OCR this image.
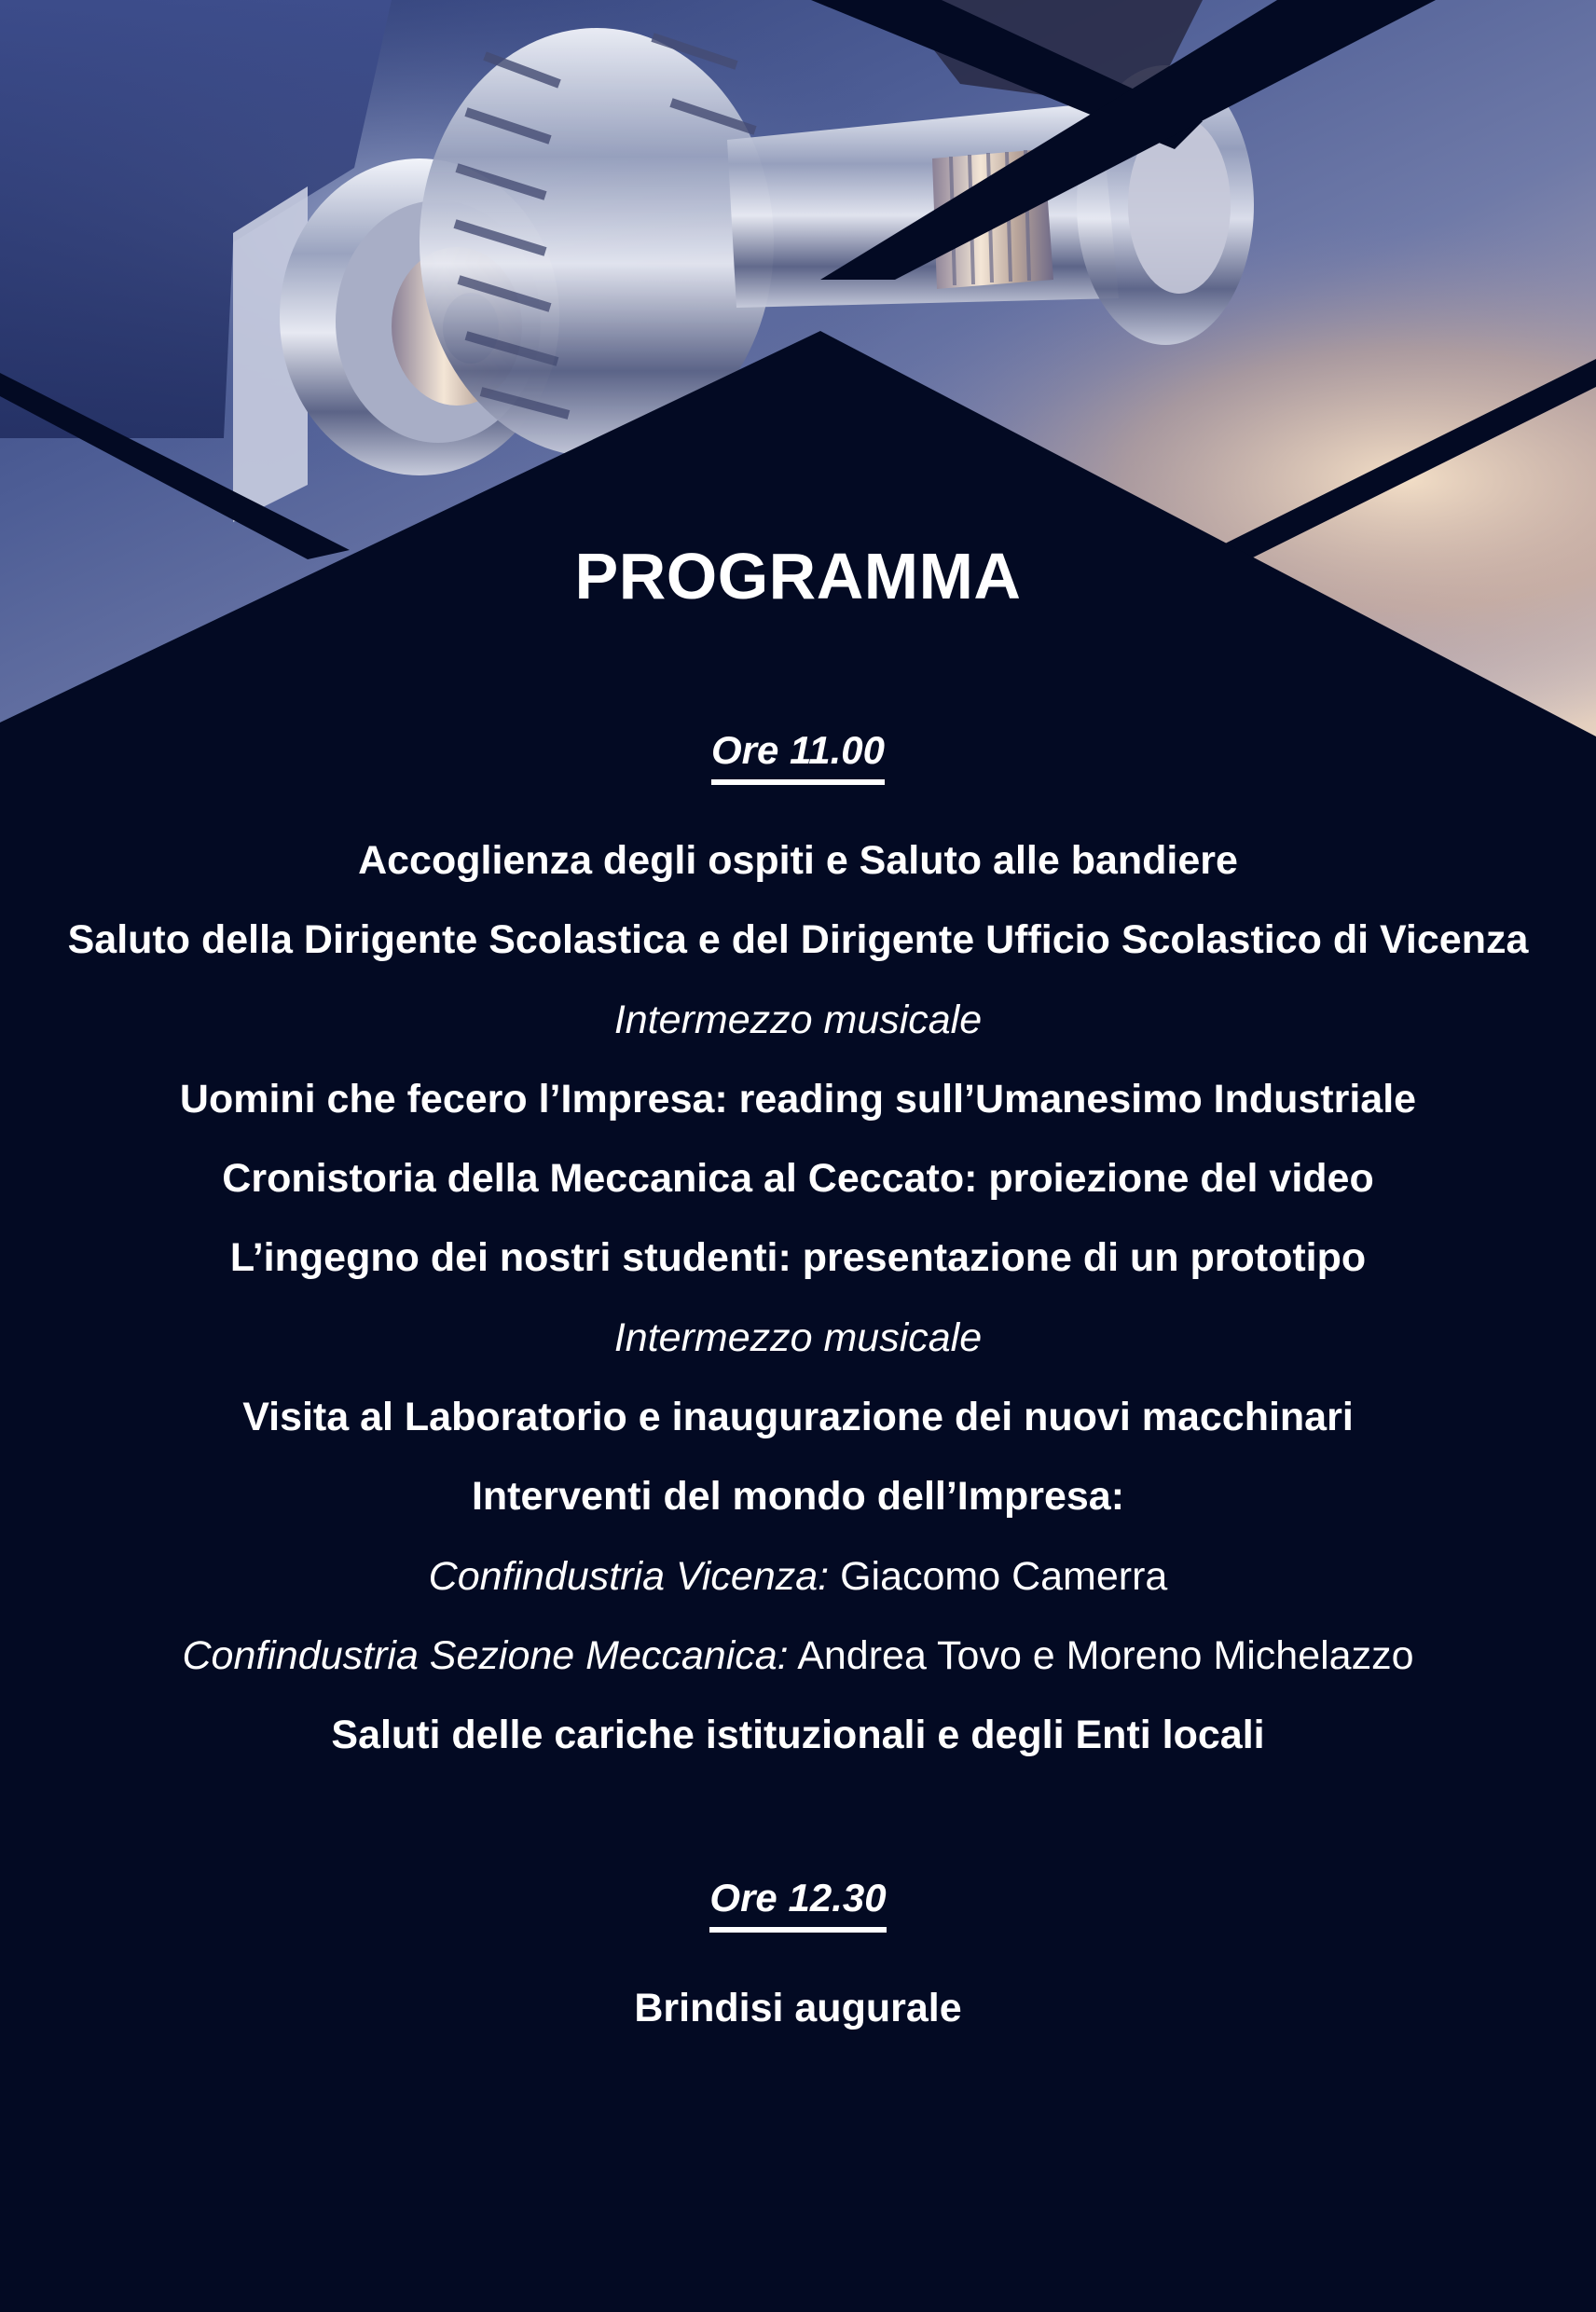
PROGRAMMA
Ore 11.00
Accoglienza degli ospiti e Saluto alle bandiere
Saluto della Dirigente Scolastica e del Dirigente Ufficio Scolastico di Vicenza
Intermezzo musicale
Uomini che fecero l’Impresa: reading sull’Umanesimo Industriale
Cronistoria della Meccanica al Ceccato: proiezione del video
L’ingegno dei nostri studenti: presentazione di un prototipo
Intermezzo musicale
Visita al Laboratorio e inaugurazione dei nuovi macchinari
Interventi del mondo dell’Impresa:
Confindustria Vicenza: Giacomo Camerra
Confindustria Sezione Meccanica: Andrea Tovo e Moreno Michelazzo
Saluti delle cariche istituzionali e degli Enti locali
Ore 12.30
Brindisi augurale
